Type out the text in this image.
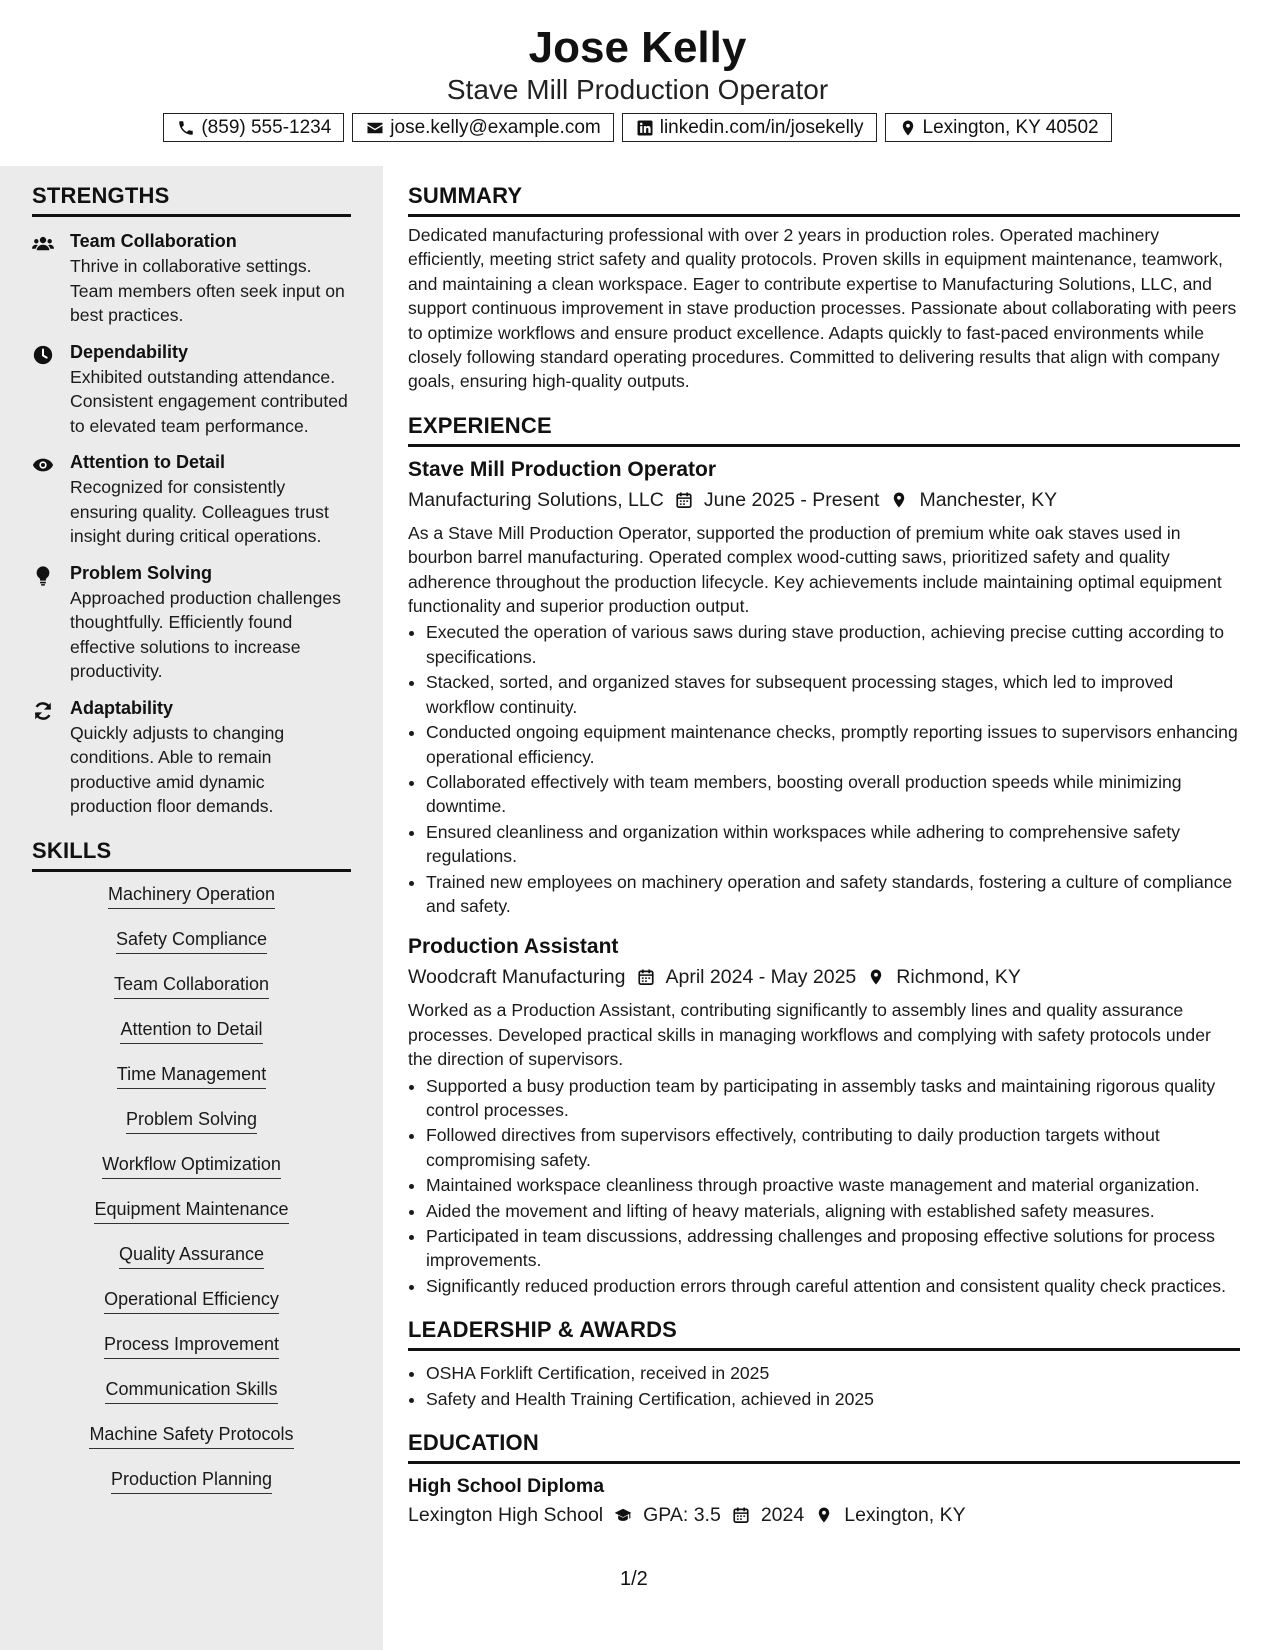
Jose Kelly
Stave Mill Production Operator
(859) 555-1234	jose.kelly@example.com	linkedin.com/in/josekelly	Lexington, KY 40502
STRENGTHS
Team Collaboration
Thrive in collaborative settings. Team members often seek input on best practices.
Dependability
Exhibited outstanding attendance. Consistent engagement contributed to elevated team performance.
Attention to Detail
Recognized for consistently ensuring quality. Colleagues trust insight during critical operations.
Problem Solving
Approached production challenges thoughtfully. Efficiently found effective solutions to increase productivity.
Adaptability
Quickly adjusts to changing conditions. Able to remain productive amid dynamic production floor demands.
SKILLS
Machinery Operation
Safety Compliance
Team Collaboration
Attention to Detail
Time Management
Problem Solving
Workflow Optimization
Equipment Maintenance
Quality Assurance
Operational Efficiency
Process Improvement
Communication Skills
Machine Safety Protocols
Production Planning
SUMMARY
Dedicated manufacturing professional with over 2 years in production roles. Operated machinery efficiently, meeting strict safety and quality protocols. Proven skills in equipment maintenance, teamwork, and maintaining a clean workspace. Eager to contribute expertise to Manufacturing Solutions, LLC, and support continuous improvement in stave production processes. Passionate about collaborating with peers to optimize workflows and ensure product excellence. Adapts quickly to fast-paced environments while closely following standard operating procedures. Committed to delivering results that align with company goals, ensuring high-quality outputs.
EXPERIENCE
Stave Mill Production Operator
Manufacturing Solutions, LLC June 2025 - Present Manchester, KY
As a Stave Mill Production Operator, supported the production of premium white oak staves used in bourbon barrel manufacturing. Operated complex wood-cutting saws, prioritized safety and quality adherence throughout the production lifecycle. Key achievements include maintaining optimal equipment functionality and superior production output.
• Executed the operation of various saws during stave production, achieving precise cutting according to specifications.
• Stacked, sorted, and organized staves for subsequent processing stages, which led to improved workflow continuity.
• Conducted ongoing equipment maintenance checks, promptly reporting issues to supervisors enhancing operational efficiency.
• Collaborated effectively with team members, boosting overall production speeds while minimizing downtime.
• Ensured cleanliness and organization within workspaces while adhering to comprehensive safety regulations.
• Trained new employees on machinery operation and safety standards, fostering a culture of compliance and safety.
Production Assistant
Woodcraft Manufacturing April 2024 - May 2025 Richmond, KY
Worked as a Production Assistant, contributing significantly to assembly lines and quality assurance processes. Developed practical skills in managing workflows and complying with safety protocols under the direction of supervisors.
• Supported a busy production team by participating in assembly tasks and maintaining rigorous quality control processes.
• Followed directives from supervisors effectively, contributing to daily production targets without compromising safety.
• Maintained workspace cleanliness through proactive waste management and material organization.
• Aided the movement and lifting of heavy materials, aligning with established safety measures.
• Participated in team discussions, addressing challenges and proposing effective solutions for process improvements.
• Significantly reduced production errors through careful attention and consistent quality check practices.
LEADERSHIP & AWARDS
• OSHA Forklift Certification, received in 2025
• Safety and Health Training Certification, achieved in 2025
EDUCATION
High School Diploma
Lexington High School GPA: 3.5 2024 Lexington, KY
1/2
